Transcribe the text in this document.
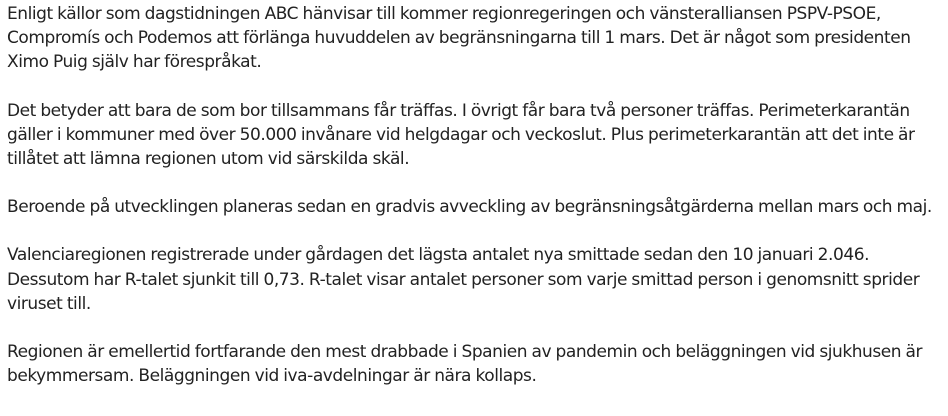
Enligt källor som dagstidningen ABC hänvisar till kommer regionregeringen och vänsteralliansen PSPV-PSOE, Compromís och Podemos att förlänga huvuddelen av begränsningarna till 1 mars. Det är något som presidenten Ximo Puig själv har förespråkat.

Det betyder att bara de som bor tillsammans får träffas. I övrigt får bara två personer träffas. Perimeterkarantän gäller i kommuner med över 50.000 invånare vid helgdagar och veckoslut. Plus perimeterkarantän att det inte är tillåtet att lämna regionen utom vid särskilda skäl.

Beroende på utvecklingen planeras sedan en gradvis avveckling av begränsningsåtgärderna mellan mars och maj.

Valenciaregionen registrerade under gårdagen det lägsta antalet nya smittade sedan den 10 januari 2.046. Dessutom har R-talet sjunkit till 0,73. R-talet visar antalet personer som varje smittad person i genomsnitt sprider viruset till.

Regionen är emellertid fortfarande den mest drabbade i Spanien av pandemin och beläggningen vid sjukhusen är bekymmersam. Beläggningen vid iva-avdelningar är nära kollaps.
